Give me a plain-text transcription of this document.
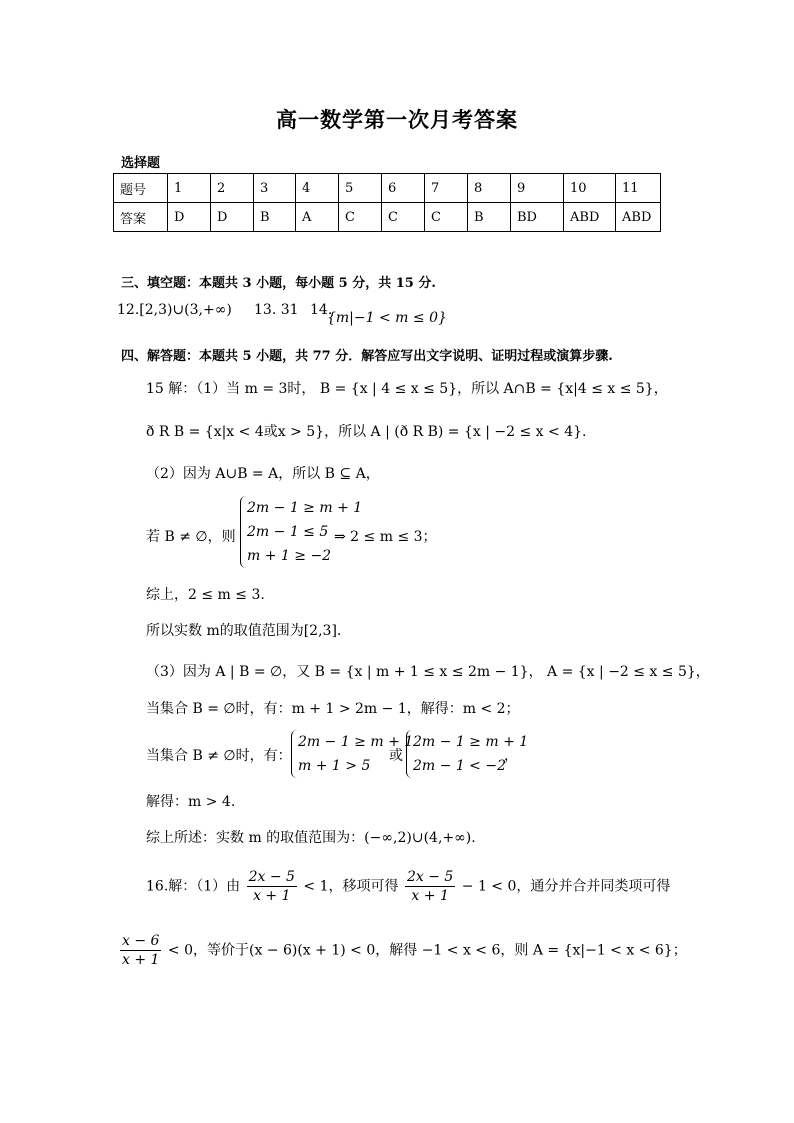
高一数学第一次月考答案
选择题
题号	1	2	3	4	5	6	7	8	9	10	11
答案	D	D	B	A	C	C	C	B	BD	ABD	ABD
三、填空题：本题共 3 小题，每小题 5 分，共 15 分.
12.[2,3)∪(3,+∞) 13. 31 14.
{m|−1 < m ≤ 0}
四、解答题：本题共 5 小题，共 77 分．解答应写出文字说明、证明过程或演算步骤.
15 解：（1）当 m = 3时， B = {x | 4 ≤ x ≤ 5}，所以 A∩B = {x|4 ≤ x ≤ 5}，
ð R B = {x|x < 4或x > 5}，所以 A | (ð R B) = {x | −2 ≤ x < 4}.
（2）因为 A∪B = A，所以 B ⊆ A，
若 B ≠ ∅，则
2m − 1 ≥ m + 1
2m − 1 ≤ 5
m + 1 ≥ −2
⇒ 2 ≤ m ≤ 3；
综上，2 ≤ m ≤ 3.
所以实数 m的取值范围为[2,3].
（3）因为 A | B = ∅，又 B = {x | m + 1 ≤ x ≤ 2m − 1}， A = {x | −2 ≤ x ≤ 5}，
当集合 B = ∅时，有：m + 1 > 2m − 1，解得：m < 2；
当集合 B ≠ ∅时，有：
2m − 1 ≥ m + 1
m + 1 > 5
或
2m − 1 ≥ m + 1
2m − 1 < −2
，
解得：m > 4.
综上所述：实数 m 的取值范围为：(−∞,2)∪(4,+∞).
16.解：（1）由 $\frac{2x - 5}{x + 1} < 1$，移项可得 $\frac{2x - 5}{x + 1} - 1 < 0$，通分并合并同类项可得
$\frac{x - 6}{x + 1} < 0$，等价于(x − 6)(x + 1) < 0，解得 −1 < x < 6，则 A = {x|−1 < x < 6}；
